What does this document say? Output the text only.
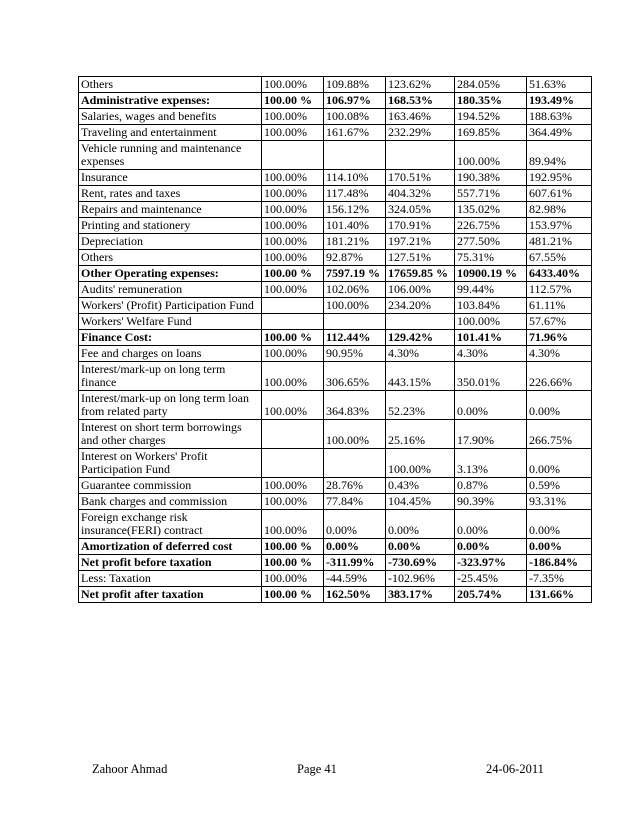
Others	100.00%	109.88%	123.62%	284.05%	51.63%
Administrative expenses:	100.00 %	106.97%	168.53%	180.35%	193.49%
Salaries, wages and benefits	100.00%	100.08%	163.46%	194.52%	188.63%
Traveling and entertainment	100.00%	161.67%	232.29%	169.85%	364.49%
Vehicle running and maintenance expenses				100.00%	89.94%
Insurance	100.00%	114.10%	170.51%	190.38%	192.95%
Rent, rates and taxes	100.00%	117.48%	404.32%	557.71%	607.61%
Repairs and maintenance	100.00%	156.12%	324.05%	135.02%	82.98%
Printing and stationery	100.00%	101.40%	170.91%	226.75%	153.97%
Depreciation	100.00%	181.21%	197.21%	277.50%	481.21%
Others	100.00%	92.87%	127.51%	75.31%	67.55%
Other Operating expenses:	100.00 %	7597.19 %	17659.85 %	10900.19 %	6433.40%
Audits' remuneration	100.00%	102.06%	106.00%	99.44%	112.57%
Workers' (Profit) Participation Fund		100.00%	234.20%	103.84%	61.11%
Workers' Welfare Fund				100.00%	57.67%
Finance Cost:	100.00 %	112.44%	129.42%	101.41%	71.96%
Fee and charges on loans	100.00%	90.95%	4.30%	4.30%	4.30%
Interest/mark-up on long term finance	100.00%	306.65%	443.15%	350.01%	226.66%
Interest/mark-up on long term loan from related party	100.00%	364.83%	52.23%	0.00%	0.00%
Interest on short term borrowings and other charges		100.00%	25.16%	17.90%	266.75%
Interest on Workers' Profit Participation Fund			100.00%	3.13%	0.00%
Guarantee commission	100.00%	28.76%	0.43%	0.87%	0.59%
Bank charges and commission	100.00%	77.84%	104.45%	90.39%	93.31%
Foreign exchange risk insurance(FERI) contract	100.00%	0.00%	0.00%	0.00%	0.00%
Amortization of deferred cost	100.00 %	0.00%	0.00%	0.00%	0.00%
Net profit before taxation	100.00 %	-311.99%	-730.69%	-323.97%	-186.84%
Less: Taxation	100.00%	-44.59%	-102.96%	-25.45%	-7.35%
Net profit after taxation	100.00 %	162.50%	383.17%	205.74%	131.66%
Zahoor Ahmad	Page 41	24-06-2011
